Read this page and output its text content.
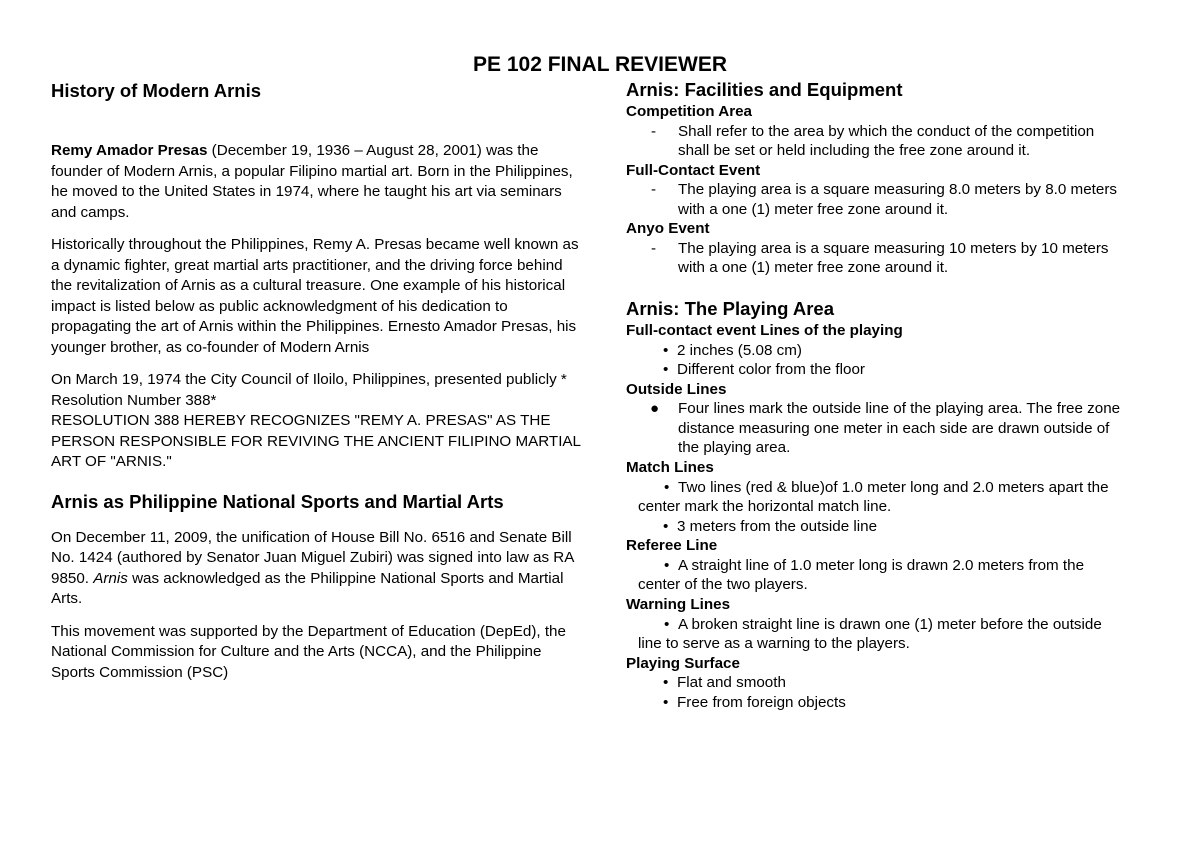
PE 102 FINAL REVIEWER
History of Modern Arnis

Remy Amador Presas (December 19, 1936 – August 28, 2001) was the founder of Modern Arnis, a popular Filipino martial art. Born in the Philippines, he moved to the United States in 1974, where he taught his art via seminars and camps.

Historically throughout the Philippines, Remy A. Presas became well known as a dynamic fighter, great martial arts practitioner, and the driving force behind the revitalization of Arnis as a cultural treasure. One example of his historical impact is listed below as public acknowledgment of his dedication to propagating the art of Arnis within the Philippines. Ernesto Amador Presas, his younger brother, as co-founder of Modern Arnis

On March 19, 1974 the City Council of Iloilo, Philippines, presented publicly * Resolution Number 388*

RESOLUTION 388 HEREBY RECOGNIZES "REMY A. PRESAS" AS THE PERSON RESPONSIBLE FOR REVIVING THE ANCIENT FILIPINO MARTIAL ART OF "ARNIS."

Arnis as Philippine National Sports and Martial Arts

On December 11, 2009, the unification of House Bill No. 6516 and Senate Bill No. 1424 (authored by Senator Juan Miguel Zubiri) was signed into law as RA 9850. Arnis was acknowledged as the Philippine National Sports and Martial Arts.

This movement was supported by the Department of Education (DepEd), the National Commission for Culture and the Arts (NCCA), and the Philippine Sports Commission (PSC)

Arnis: Facilities and Equipment
Competition Area
- Shall refer to the area by which the conduct of the competition shall be set or held including the free zone around it.
Full-Contact Event
- The playing area is a square measuring 8.0 meters by 8.0 meters with a one (1) meter free zone around it.
Anyo Event
- The playing area is a square measuring 10 meters by 10 meters with a one (1) meter free zone around it.
Arnis: The Playing Area
Full-contact event Lines of the playing
• 2 inches (5.08 cm)
• Different color from the floor
Outside Lines
● Four lines mark the outside line of the playing area. The free zone distance measuring one meter in each side are drawn outside of the playing area.
Match Lines
• Two lines (red & blue)of 1.0 meter long and 2.0 meters apart the center mark the horizontal match line.
• 3 meters from the outside line
Referee Line
• A straight line of 1.0 meter long is drawn 2.0 meters from the center of the two players.
Warning Lines
• A broken straight line is drawn one (1) meter before the outside line to serve as a warning to the players.
Playing Surface
• Flat and smooth
• Free from foreign objects
